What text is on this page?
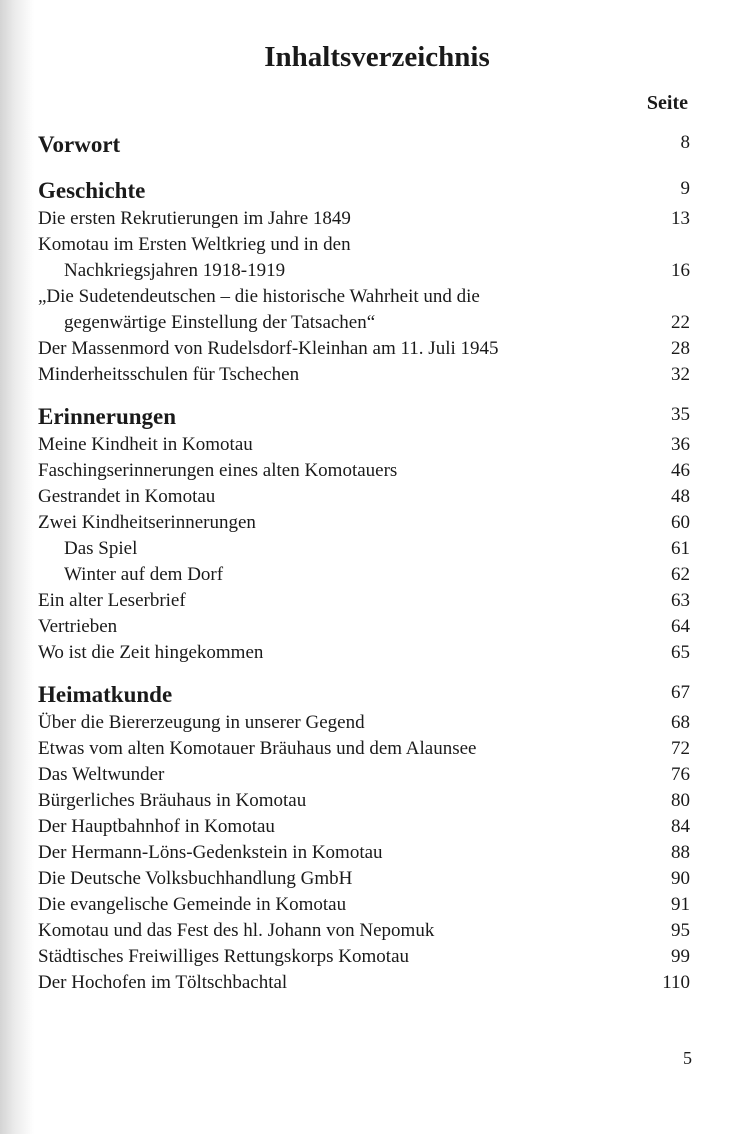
Inhaltsverzeichnis
Seite
Vorwort	8
Geschichte	9
Die ersten Rekrutierungen im Jahre 1849	13
Komotau im Ersten Weltkrieg und in den
Nachkriegsjahren 1918-1919	16
„Die Sudetendeutschen – die historische Wahrheit und die
gegenwärtige Einstellung der Tatsachen“	22
Der Massenmord von Rudelsdorf-Kleinhan am 11. Juli 1945	28
Minderheitsschulen für Tschechen	32
Erinnerungen	35
Meine Kindheit in Komotau	36
Faschingserinnerungen eines alten Komotauers	46
Gestrandet in Komotau	48
Zwei Kindheitserinnerungen	60
Das Spiel	61
Winter auf dem Dorf	62
Ein alter Leserbrief	63
Vertrieben	64
Wo ist die Zeit hingekommen	65
Heimatkunde	67
Über die Biererzeugung in unserer Gegend	68
Etwas vom alten Komotauer Bräuhaus und dem Alaunsee	72
Das Weltwunder	76
Bürgerliches Bräuhaus in Komotau	80
Der Hauptbahnhof in Komotau	84
Der Hermann-Löns-Gedenkstein in Komotau	88
Die Deutsche Volksbuchhandlung GmbH	90
Die evangelische Gemeinde in Komotau	91
Komotau und das Fest des hl. Johann von Nepomuk	95
Städtisches Freiwilliges Rettungskorps Komotau	99
Der Hochofen im Töltschbachtal	110
5
